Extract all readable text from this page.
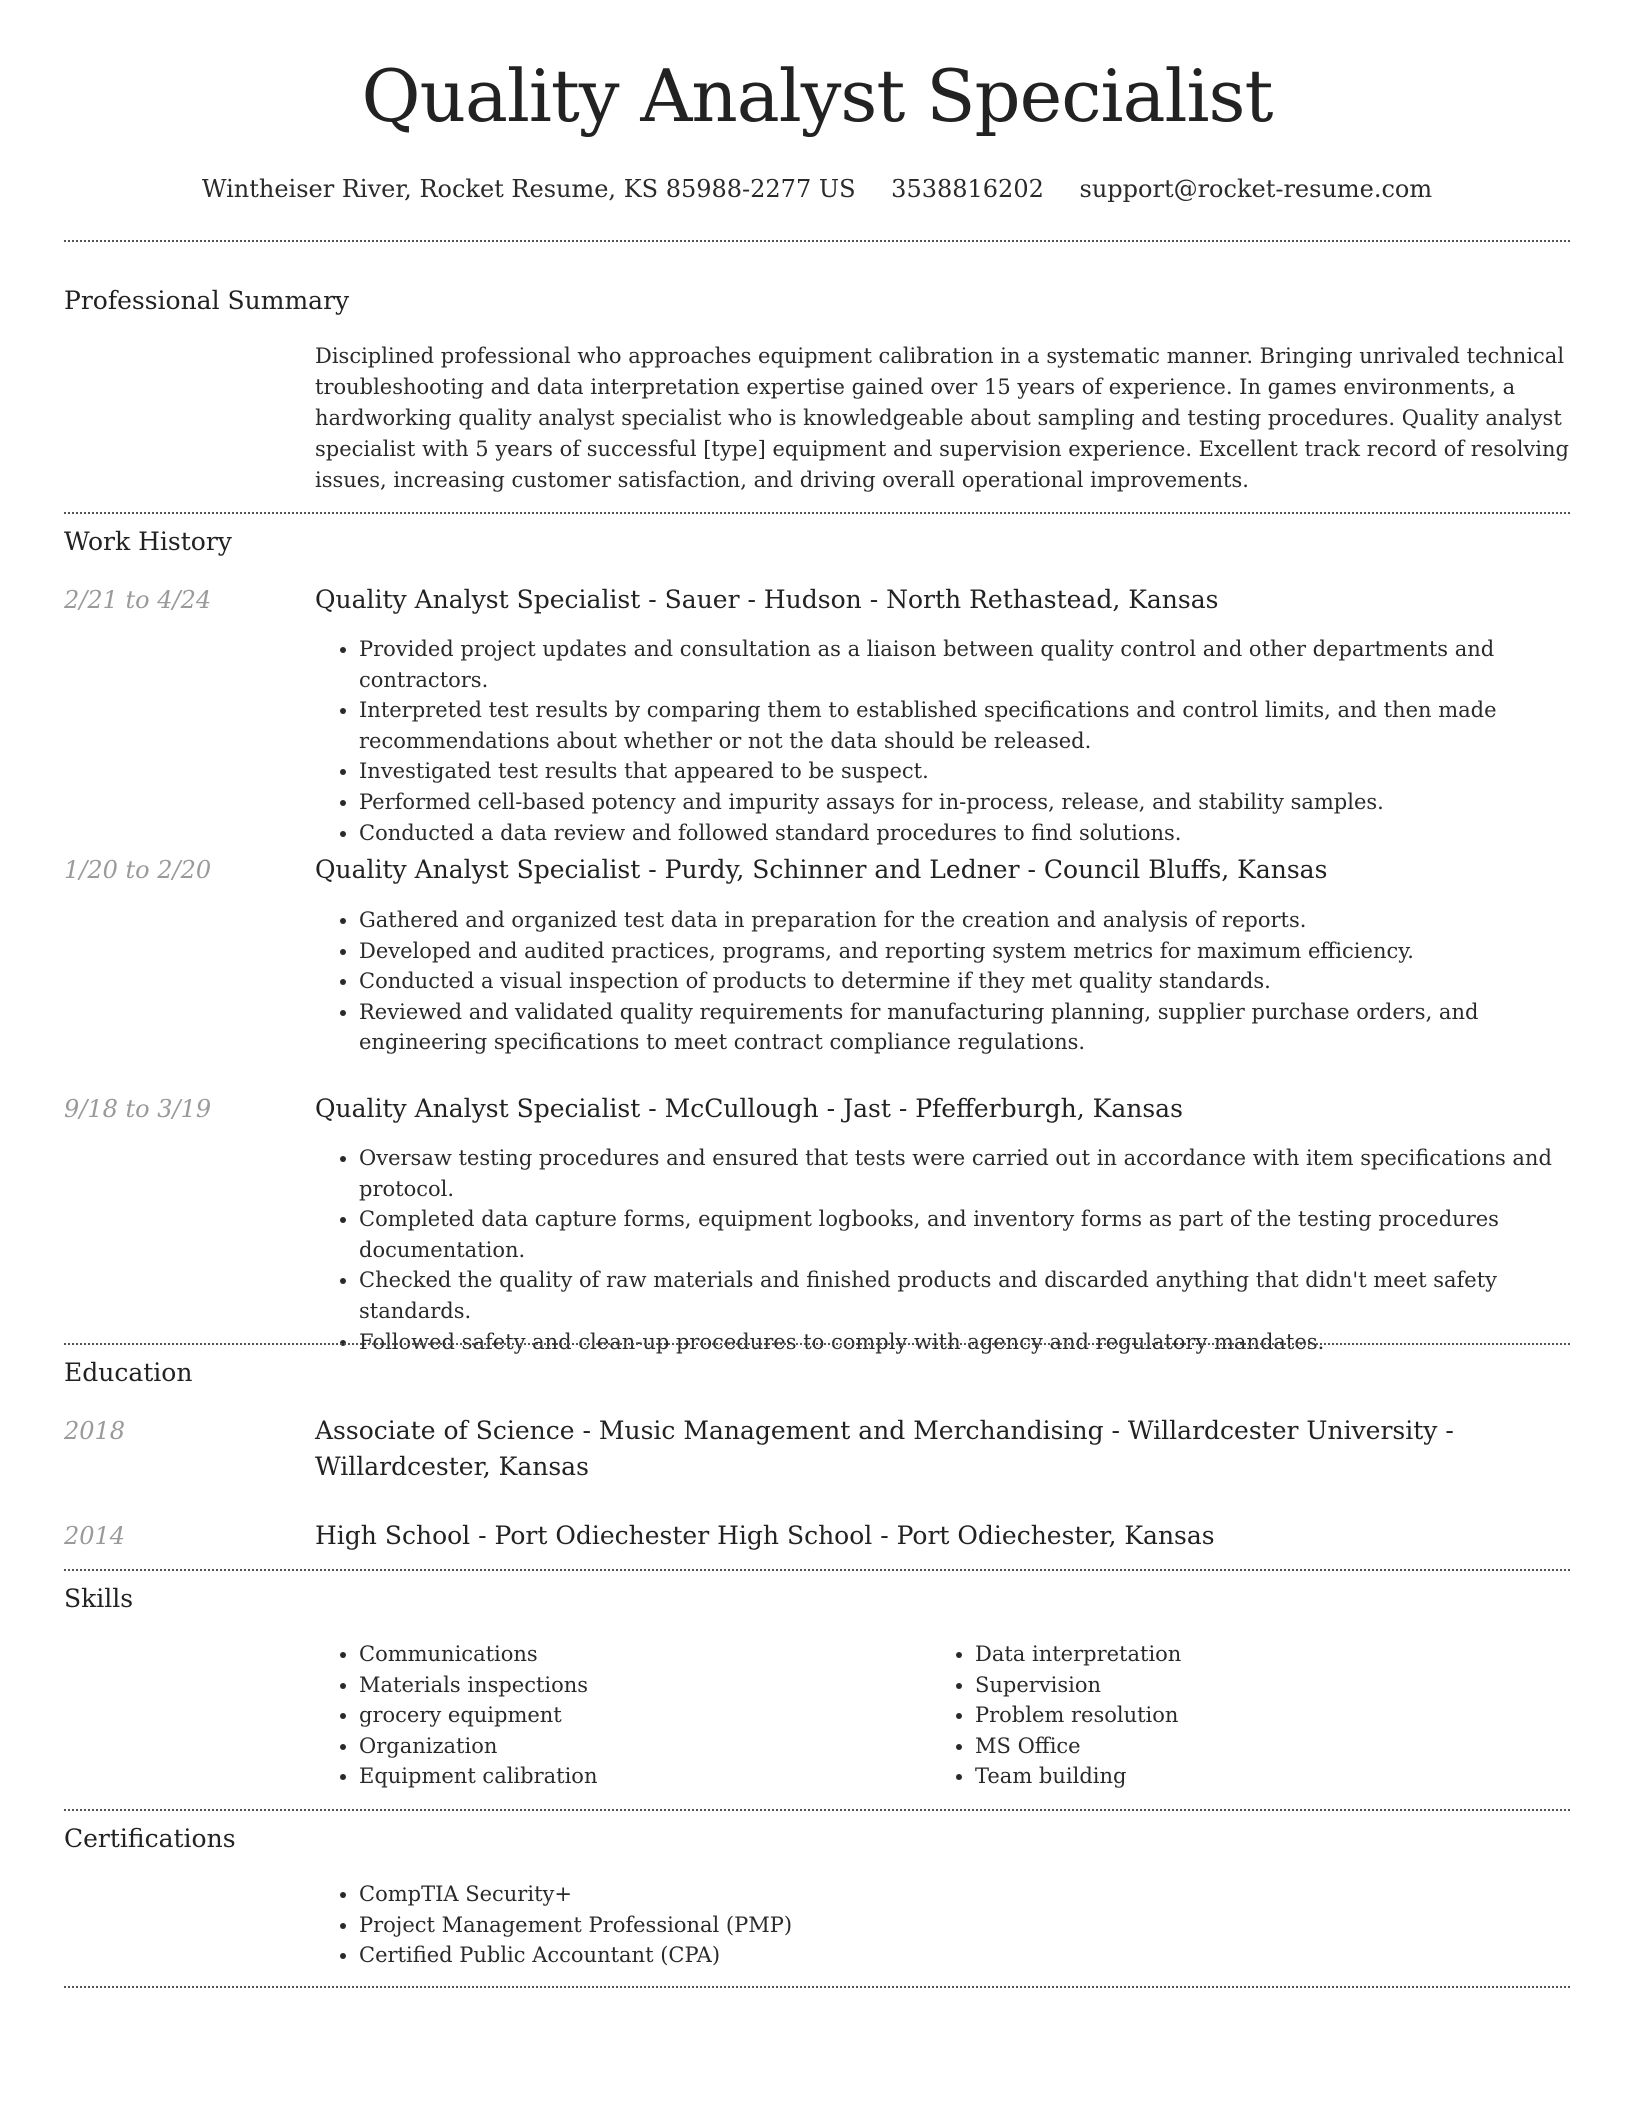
Quality Analyst Specialist
Wintheiser River, Rocket Resume, KS 85988-2277 US 3538816202 support@rocket-resume.com
Professional Summary
Disciplined professional who approaches equipment calibration in a systematic manner. Bringing unrivaled technical troubleshooting and data interpretation expertise gained over 15 years of experience. In games environments, a hardworking quality analyst specialist who is knowledgeable about sampling and testing procedures. Quality analyst specialist with 5 years of successful [type] equipment and supervision experience. Excellent track record of resolving issues, increasing customer satisfaction, and driving overall operational improvements.
Work History
2/21 to 4/24	Quality Analyst Specialist - Sauer - Hudson - North Rethastead, Kansas
• Provided project updates and consultation as a liaison between quality control and other departments and contractors.
• Interpreted test results by comparing them to established specifications and control limits, and then made recommendations about whether or not the data should be released.
• Investigated test results that appeared to be suspect.
• Performed cell-based potency and impurity assays for in-process, release, and stability samples.
• Conducted a data review and followed standard procedures to find solutions.
1/20 to 2/20	Quality Analyst Specialist - Purdy, Schinner and Ledner - Council Bluffs, Kansas
• Gathered and organized test data in preparation for the creation and analysis of reports.
• Developed and audited practices, programs, and reporting system metrics for maximum efficiency.
• Conducted a visual inspection of products to determine if they met quality standards.
• Reviewed and validated quality requirements for manufacturing planning, supplier purchase orders, and engineering specifications to meet contract compliance regulations.
9/18 to 3/19	Quality Analyst Specialist - McCullough - Jast - Pfefferburgh, Kansas
• Oversaw testing procedures and ensured that tests were carried out in accordance with item specifications and protocol.
• Completed data capture forms, equipment logbooks, and inventory forms as part of the testing procedures documentation.
• Checked the quality of raw materials and finished products and discarded anything that didn't meet safety standards.
• Followed safety and clean-up procedures to comply with agency and regulatory mandates.
Education
2018	Associate of Science - Music Management and Merchandising - Willardcester University - Willardcester, Kansas
2014	High School - Port Odiechester High School - Port Odiechester, Kansas
Skills
• Communications
• Materials inspections
• grocery equipment
• Organization
• Equipment calibration
• Data interpretation
• Supervision
• Problem resolution
• MS Office
• Team building
Certifications
• CompTIA Security+
• Project Management Professional (PMP)
• Certified Public Accountant (CPA)
